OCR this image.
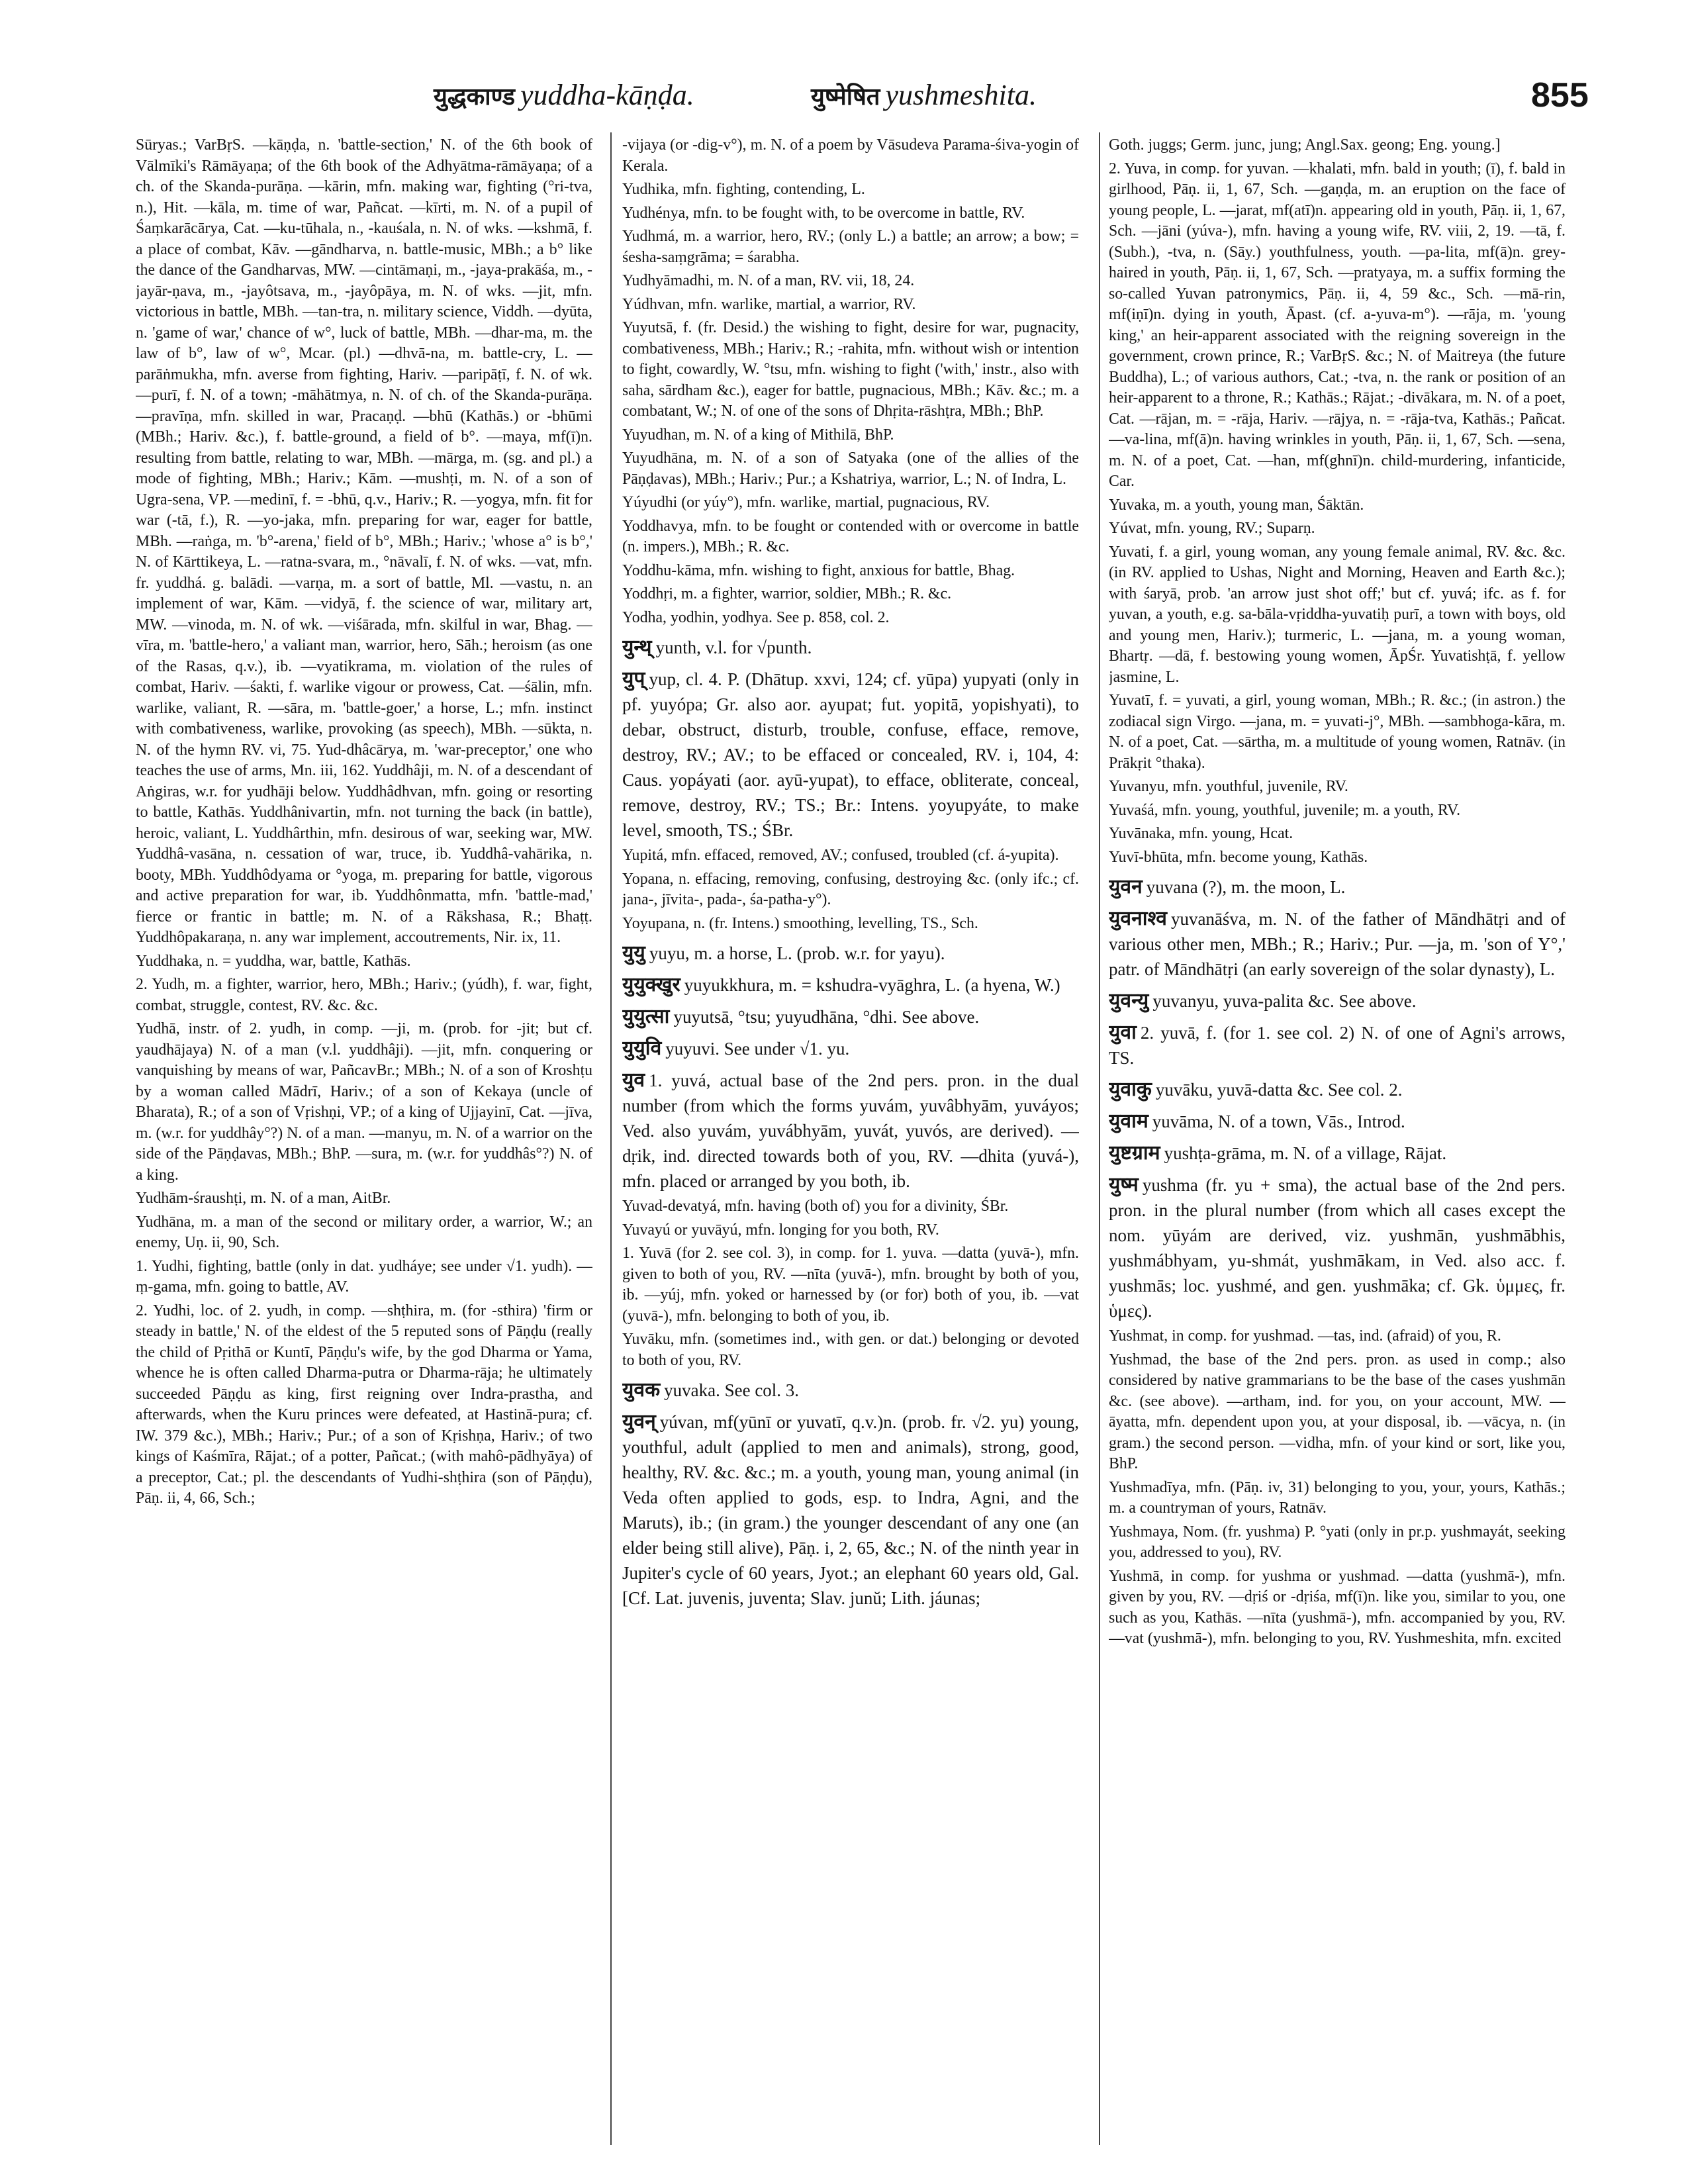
युद्धकाण्ड yuddha-kāṇḍa.	युष्मेषित yushmeshita.	855

Sūryas.; VarBṛS. —kāṇḍa, n. 'battle-section,' N. of the 6th book of Vālmīki's Rāmāyaṇa; of the 6th book of the Adhyātma-rāmāyaṇa; of a ch. of the Skanda-purāṇa. —kārin, mfn. making war, fighting (°ri-tva, n.), Hit. —kāla, m. time of war, Pañcat. —kīrti, m. N. of a pupil of Śaṃkarācārya, Cat. —ku-tūhala, n., -kauśala, n. N. of wks. —kshmā, f. a place of combat, Kāv. —gāndharva, n. battle-music, MBh.; a b° like the dance of the Gandharvas, MW. —cintāmaṇi, m., -jaya-prakāśa, m., -jayār-ṇava, m., -jayôtsava, m., -jayôpāya, m. N. of wks. —jit, mfn. victorious in battle, MBh. —tan-tra, n. military science, Viddh. —dyūta, n. 'game of war,' chance of w°, luck of battle, MBh. —dhar-ma, m. the law of b°, law of w°, Mcar. (pl.) —dhvā-na, m. battle-cry, L. —parāṅmukha, mfn. averse from fighting, Hariv. —paripāṭī, f. N. of wk. —purī, f. N. of a town; -māhātmya, n. N. of ch. of the Skanda-purāṇa. —pravīṇa, mfn. skilled in war, Pracaṇḍ. —bhū (Kathās.) or -bhūmi (MBh.; Hariv. &c.), f. battle-ground, a field of b°. —maya, mf(ī)n. resulting from battle, relating to war, MBh. —mārga, m. (sg. and pl.) a mode of fighting, MBh.; Hariv.; Kām. —mushṭi, m. N. of a son of Ugra-sena, VP. —medinī, f. = -bhū, q.v., Hariv.; R. —yogya, mfn. fit for war (-tā, f.), R. —yo-jaka, mfn. preparing for war, eager for battle, MBh. —raṅga, m. 'b°-arena,' field of b°, MBh.; Hariv.; 'whose a° is b°,' N. of Kārttikeya, L. —ratna-svara, m., °nāvalī, f. N. of wks. —vat, mfn. fr. yuddhá. g. balādi. —varṇa, m. a sort of battle, Ml. —vastu, n. an implement of war, Kām. —vidyā, f. the science of war, military art, MW. —vinoda, m. N. of wk. —viśārada, mfn. skilful in war, Bhag. —vīra, m. 'battle-hero,' a valiant man, warrior, hero, Sāh.; heroism (as one of the Rasas, q.v.), ib. —vyatikrama, m. violation of the rules of combat, Hariv. —śakti, f. warlike vigour or prowess, Cat. —śālin, mfn. warlike, valiant, R. —sāra, m. 'battle-goer,' a horse, L.; mfn. instinct with combativeness, warlike, provoking (as speech), MBh. —sūkta, n. N. of the hymn RV. vi, 75. Yud-dhâcārya, m. 'war-preceptor,' one who teaches the use of arms, Mn. iii, 162. Yuddhâji, m. N. of a descendant of Aṅgiras, w.r. for yudhāji below. Yuddhâdhvan, mfn. going or resorting to battle, Kathās. Yuddhânivartin, mfn. not turning the back (in battle), heroic, valiant, L. Yuddhârthin, mfn. desirous of war, seeking war, MW. Yuddhâ-vasāna, n. cessation of war, truce, ib. Yuddhâ-vahārika, n. booty, MBh. Yuddhôdyama or °yoga, m. preparing for battle, vigorous and active preparation for war, ib. Yuddhônmatta, mfn. 'battle-mad,' fierce or frantic in battle; m. N. of a Rākshasa, R.; Bhaṭṭ. Yuddhôpakaraṇa, n. any war implement, accoutrements, Nir. ix, 11.

Yuddhaka, n. = yuddha, war, battle, Kathās.

2. Yudh, m. a fighter, warrior, hero, MBh.; Hariv.; (yúdh), f. war, fight, combat, struggle, contest, RV. &c. &c.

Yudhā, instr. of 2. yudh, in comp. —ji, m. (prob. for -jit; but cf. yaudhājaya) N. of a man (v.l. yuddhâji). —jit, mfn. conquering or vanquishing by means of war, PañcavBr.; MBh.; N. of a son of Kroshṭu by a woman called Mādrī, Hariv.; of a son of Kekaya (uncle of Bharata), R.; of a son of Vṛishṇi, VP.; of a king of Ujjayinī, Cat. —jīva, m. (w.r. for yuddhây°?) N. of a man. —manyu, m. N. of a warrior on the side of the Pāṇḍavas, MBh.; BhP. —sura, m. (w.r. for yuddhâs°?) N. of a king.

Yudhām-śraushṭi, m. N. of a man, AitBr.

Yudhāna, m. a man of the second or military order, a warrior, W.; an enemy, Uṇ. ii, 90, Sch.

1. Yudhi, fighting, battle (only in dat. yudháye; see under √1. yudh). —ṃ-gama, mfn. going to battle, AV.

2. Yudhi, loc. of 2. yudh, in comp. —shṭhira, m. (for -sthira) 'firm or steady in battle,' N. of the eldest of the 5 reputed sons of Pāṇḍu (really the child of Pṛithā or Kuntī, Pāṇḍu's wife, by the god Dharma or Yama, whence he is often called Dharma-putra or Dharma-rāja; he ultimately succeeded Pāṇḍu as king, first reigning over Indra-prastha, and afterwards, when the Kuru princes were defeated, at Hastinā-pura; cf. IW. 379 &c.), MBh.; Hariv.; Pur.; of a son of Kṛishṇa, Hariv.; of two kings of Kaśmīra, Rājat.; of a potter, Pañcat.; (with mahô-pādhyāya) of a preceptor, Cat.; pl. the descendants of Yudhi-shṭhira (son of Pāṇḍu), Pāṇ. ii, 4, 66, Sch.;

-vijaya (or -dig-v°), m. N. of a poem by Vāsudeva Parama-śiva-yogin of Kerala.

Yudhika, mfn. fighting, contending, L.

Yudhénya, mfn. to be fought with, to be overcome in battle, RV.

Yudhmá, m. a warrior, hero, RV.; (only L.) a battle; an arrow; a bow; = śesha-saṃgrāma; = śarabha.

Yudhyāmadhi, m. N. of a man, RV. vii, 18, 24.

Yúdhvan, mfn. warlike, martial, a warrior, RV.

Yuyutsā, f. (fr. Desid.) the wishing to fight, desire for war, pugnacity, combativeness, MBh.; Hariv.; R.; -rahita, mfn. without wish or intention to fight, cowardly, W. °tsu, mfn. wishing to fight ('with,' instr., also with saha, sārdham &c.), eager for battle, pugnacious, MBh.; Kāv. &c.; m. a combatant, W.; N. of one of the sons of Dhṛita-rāshṭra, MBh.; BhP.

Yuyudhan, m. N. of a king of Mithilā, BhP.

Yuyudhāna, m. N. of a son of Satyaka (one of the allies of the Pāṇḍavas), MBh.; Hariv.; Pur.; a Kshatriya, warrior, L.; N. of Indra, L.

Yúyudhi (or yúy°), mfn. warlike, martial, pugnacious, RV.

Yoddhavya, mfn. to be fought or contended with or overcome in battle (n. impers.), MBh.; R. &c.

Yoddhu-kāma, mfn. wishing to fight, anxious for battle, Bhag.

Yoddhṛi, m. a fighter, warrior, soldier, MBh.; R. &c.

Yodha, yodhin, yodhya. See p. 858, col. 2.

युन्थ् yunth, v.l. for √punth.

युप् yup, cl. 4. P. (Dhātup. xxvi, 124; cf. yūpa) yupyati (only in pf. yuyópa; Gr. also aor. ayupat; fut. yopitā, yopishyati), to debar, obstruct, disturb, trouble, confuse, efface, remove, destroy, RV.; AV.; to be effaced or concealed, RV. i, 104, 4: Caus. yopáyati (aor. ayū-yupat), to efface, obliterate, conceal, remove, destroy, RV.; TS.; Br.: Intens. yoyupyáte, to make level, smooth, TS.; ŚBr.

Yupitá, mfn. effaced, removed, AV.; confused, troubled (cf. á-yupita).

Yopana, n. effacing, removing, confusing, destroying &c. (only ifc.; cf. jana-, jīvita-, pada-, śa-patha-y°).

Yoyupana, n. (fr. Intens.) smoothing, levelling, TS., Sch.

युयु yuyu, m. a horse, L. (prob. w.r. for yayu).

युयुक्खुर yuyukkhura, m. = kshudra-vyāghra, L. (a hyena, W.)

युयुत्सा yuyutsā, °tsu; yuyudhāna, °dhi. See above.

युयुवि yuyuvi. See under √1. yu.

युव 1. yuvá, actual base of the 2nd pers. pron. in the dual number (from which the forms yuvám, yuvâbhyām, yuváyos; Ved. also yuvám, yuvábhyām, yuvát, yuvós, are derived). —dṛik, ind. directed towards both of you, RV. —dhita (yuvá-), mfn. placed or arranged by you both, ib.

Yuvad-devatyá, mfn. having (both of) you for a divinity, ŚBr.

Yuvayú or yuvāyú, mfn. longing for you both, RV.

1. Yuvā (for 2. see col. 3), in comp. for 1. yuva. —datta (yuvā-), mfn. given to both of you, RV. —nīta (yuvā-), mfn. brought by both of you, ib. —yúj, mfn. yoked or harnessed by (or for) both of you, ib. —vat (yuvā-), mfn. belonging to both of you, ib.

Yuvāku, mfn. (sometimes ind., with gen. or dat.) belonging or devoted to both of you, RV.

युवक yuvaka. See col. 3.

युवन् yúvan, mf(yūnī or yuvatī, q.v.)n. (prob. fr. √2. yu) young, youthful, adult (applied to men and animals), strong, good, healthy, RV. &c. &c.; m. a youth, young man, young animal (in Veda often applied to gods, esp. to Indra, Agni, and the Maruts), ib.; (in gram.) the younger descendant of any one (an elder being still alive), Pāṇ. i, 2, 65, &c.; N. of the ninth year in Jupiter's cycle of 60 years, Jyot.; an elephant 60 years old, Gal. [Cf. Lat. juvenis, juventa; Slav. junŭ; Lith. jáunas;

Goth. juggs; Germ. junc, jung; Angl.Sax. geong; Eng. young.]

2. Yuva, in comp. for yuvan. —khalati, mfn. bald in youth; (ī), f. bald in girlhood, Pāṇ. ii, 1, 67, Sch. —gaṇḍa, m. an eruption on the face of young people, L. —jarat, mf(atī)n. appearing old in youth, Pāṇ. ii, 1, 67, Sch. —jāni (yúva-), mfn. having a young wife, RV. viii, 2, 19. —tā, f. (Subh.), -tva, n. (Sāy.) youthfulness, youth. —pa-lita, mf(ā)n. grey-haired in youth, Pāṇ. ii, 1, 67, Sch. —pratyaya, m. a suffix forming the so-called Yuvan patronymics, Pāṇ. ii, 4, 59 &c., Sch. —mā-rin, mf(iṇī)n. dying in youth, Āpast. (cf. a-yuva-m°). —rāja, m. 'young king,' an heir-apparent associated with the reigning sovereign in the government, crown prince, R.; VarBṛS. &c.; N. of Maitreya (the future Buddha), L.; of various authors, Cat.; -tva, n. the rank or position of an heir-apparent to a throne, R.; Kathās.; Rājat.; -divākara, m. N. of a poet, Cat. —rājan, m. = -rāja, Hariv. —rājya, n. = -rāja-tva, Kathās.; Pañcat. —va-lina, mf(ā)n. having wrinkles in youth, Pāṇ. ii, 1, 67, Sch. —sena, m. N. of a poet, Cat. —han, mf(ghnī)n. child-murdering, infanticide, Car.

Yuvaka, m. a youth, young man, Śāktān.

Yúvat, mfn. young, RV.; Suparṇ.

Yuvati, f. a girl, young woman, any young female animal, RV. &c. &c. (in RV. applied to Ushas, Night and Morning, Heaven and Earth &c.); with śaryā, prob. 'an arrow just shot off;' but cf. yuvá; ifc. as f. for yuvan, a youth, e.g. sa-bāla-vṛiddha-yuvatiḥ purī, a town with boys, old and young men, Hariv.); turmeric, L. —jana, m. a young woman, Bhartṛ. —dā, f. bestowing young women, ĀpŚr. Yuvatishṭā, f. yellow jasmine, L.

Yuvatī, f. = yuvati, a girl, young woman, MBh.; R. &c.; (in astron.) the zodiacal sign Virgo. —jana, m. = yuvati-j°, MBh. —sambhoga-kāra, m. N. of a poet, Cat. —sārtha, m. a multitude of young women, Ratnāv. (in Prākṛit °thaka).

Yuvanyu, mfn. youthful, juvenile, RV.

Yuvaśá, mfn. young, youthful, juvenile; m. a youth, RV.

Yuvānaka, mfn. young, Hcat.

Yuvī-bhūta, mfn. become young, Kathās.

युवन yuvana (?), m. the moon, L.

युवनाश्व yuvanāśva, m. N. of the father of Māndhātṛi and of various other men, MBh.; R.; Hariv.; Pur. —ja, m. 'son of Y°,' patr. of Māndhātṛi (an early sovereign of the solar dynasty), L.

युवन्यु yuvanyu, yuva-palita &c. See above.

युवा 2. yuvā, f. (for 1. see col. 2) N. of one of Agni's arrows, TS.

युवाकु yuvāku, yuvā-datta &c. See col. 2.

युवाम yuvāma, N. of a town, Vās., Introd.

युष्टग्राम yushṭa-grāma, m. N. of a village, Rājat.

युष्म yushma (fr. yu + sma), the actual base of the 2nd pers. pron. in the plural number (from which all cases except the nom. yūyám are derived, viz. yushmān, yushmābhis, yushmábhyam, yu-shmát, yushmākam, in Ved. also acc. f. yushmās; loc. yushmé, and gen. yushmāka; cf. Gk. ὑμμες, fr. ὑμες).

Yushmat, in comp. for yushmad. —tas, ind. (afraid) of you, R.

Yushmad, the base of the 2nd pers. pron. as used in comp.; also considered by native grammarians to be the base of the cases yushmān &c. (see above). —artham, ind. for you, on your account, MW. —āyatta, mfn. dependent upon you, at your disposal, ib. —vācya, n. (in gram.) the second person. —vidha, mfn. of your kind or sort, like you, BhP.

Yushmadīya, mfn. (Pāṇ. iv, 31) belonging to you, your, yours, Kathās.; m. a countryman of yours, Ratnāv.

Yushmaya, Nom. (fr. yushma) P. °yati (only in pr.p. yushmayát, seeking you, addressed to you), RV.

Yushmā, in comp. for yushma or yushmad. —datta (yushmā-), mfn. given by you, RV. —dṛiś or -dṛiśa, mf(ī)n. like you, similar to you, one such as you, Kathās. —nīta (yushmā-), mfn. accompanied by you, RV. —vat (yushmā-), mfn. belonging to you, RV. Yushmeshita, mfn. excited
